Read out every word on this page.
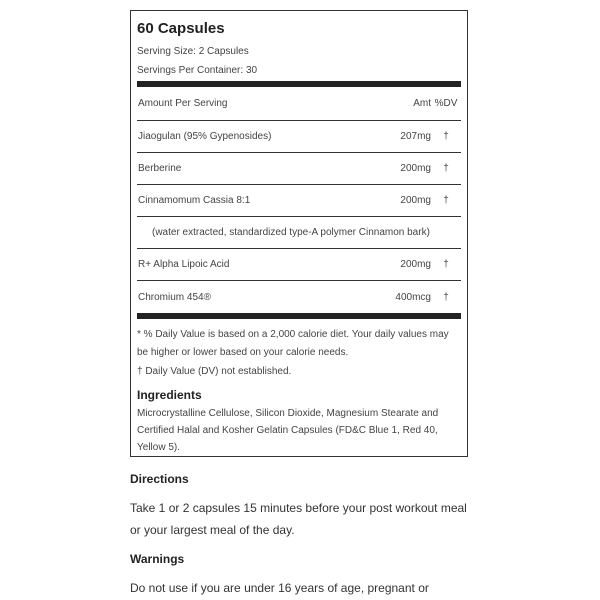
60 Capsules
Serving Size: 2 Capsules
Servings Per Container: 30
Amount Per Serving	Amt %DV
Jiaogulan (95% Gypenosides)	207mg	†
Berberine	200mg	†
Cinnamomum Cassia 8:1	200mg	†
(water extracted, standardized type-A polymer Cinnamon bark)
R+ Alpha Lipoic Acid	200mg	†
Chromium 454®	400mcg	†
* % Daily Value is based on a 2,000 calorie diet. Your daily values may be higher or lower based on your calorie needs.
† Daily Value (DV) not established.
Ingredients
Microcrystalline Cellulose, Silicon Dioxide, Magnesium Stearate and Certified Halal and Kosher Gelatin Capsules (FD&C Blue 1, Red 40, Yellow 5).
Directions
Take 1 or 2 capsules 15 minutes before your post workout meal or your largest meal of the day.
Warnings
Do not use if you are under 16 years of age, pregnant or
